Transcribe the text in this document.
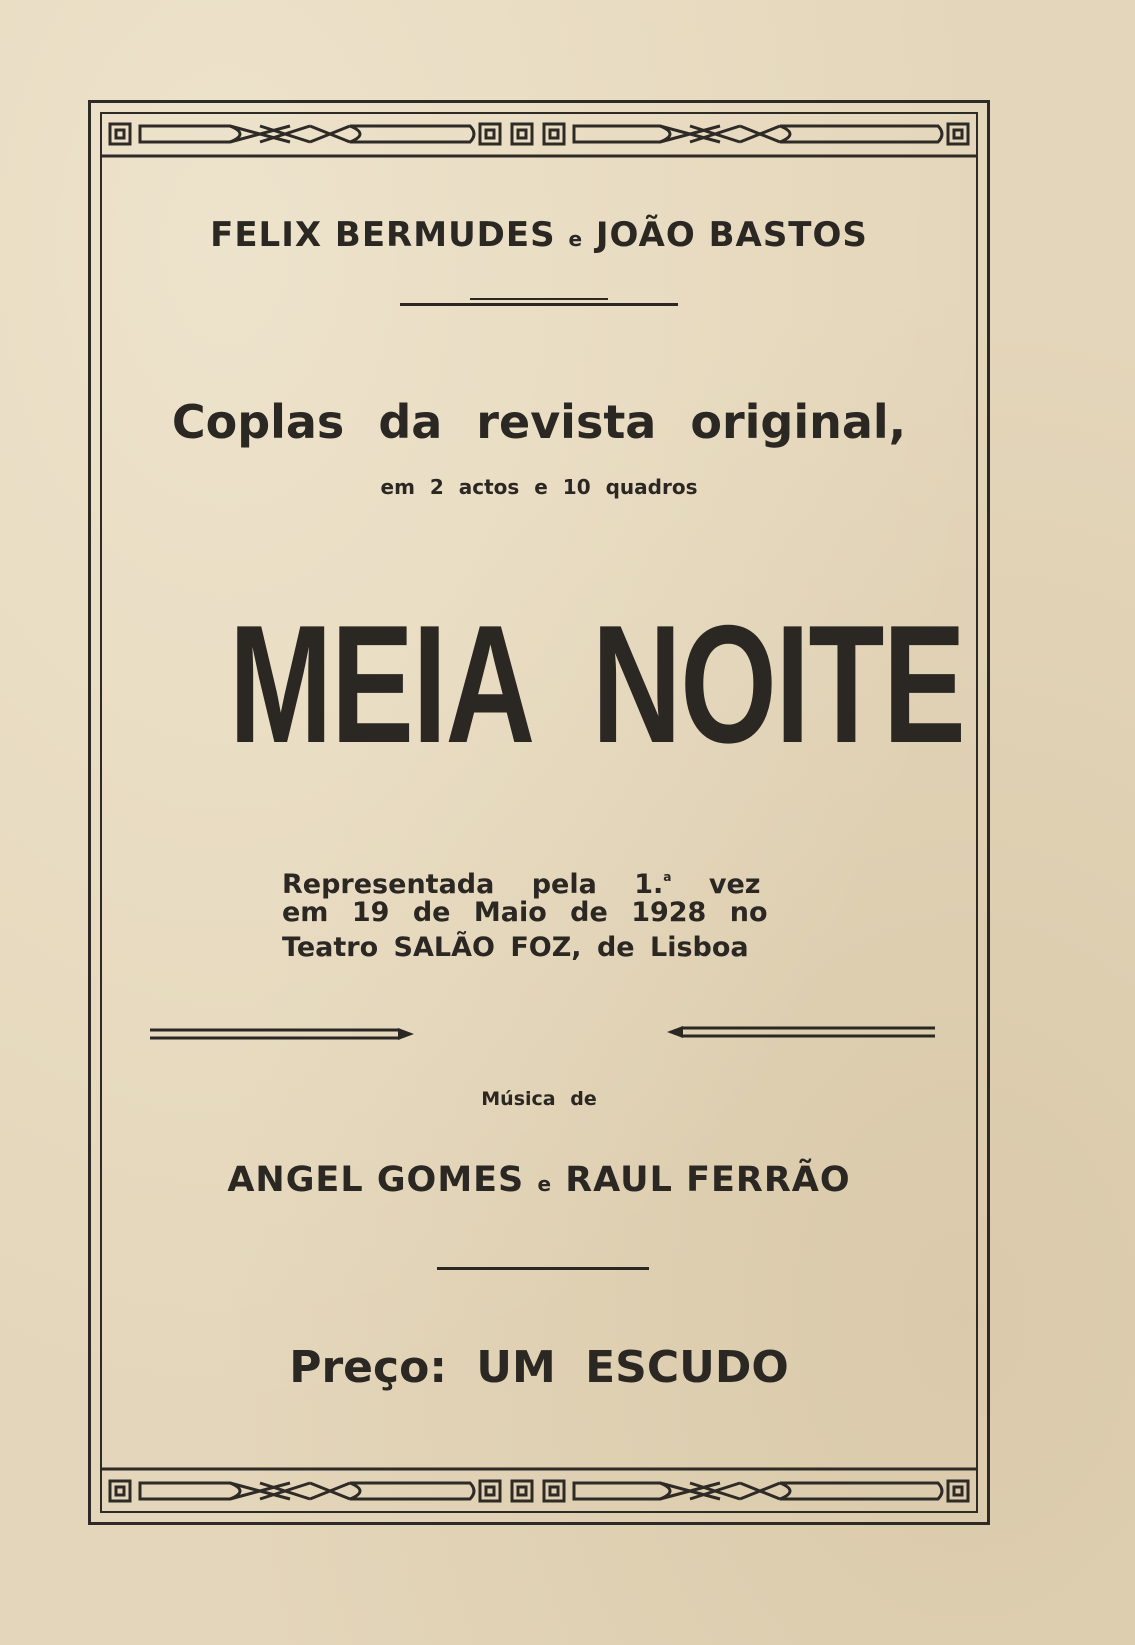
FELIX BERMUDES e JOÃO BASTOS
Coplas da revista original,
em 2 actos e 10 quadros
MEIA NOITE
Representada pela 1.$^a$ vez
em 19 de Maio de 1928 no
Teatro SALÃO FOZ, de Lisboa
Música de
ANGEL GOMES e RAUL FERRÃO
Preço: UM ESCUDO
